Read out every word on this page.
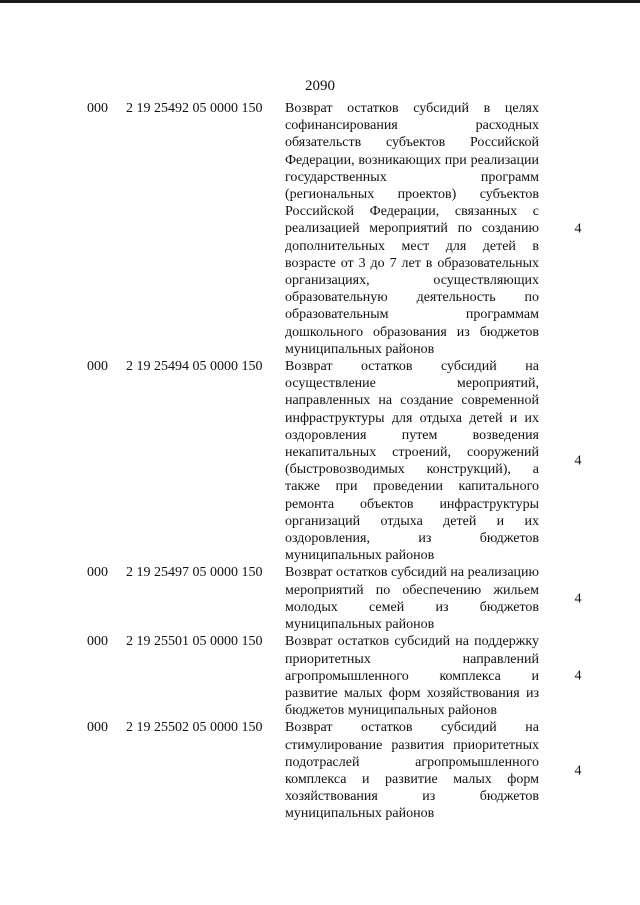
2090
000 2 19 25492 05 0000 150 Возврат остатков субсидий в целях софинансирования расходных обязательств субъектов Российской Федерации, возникающих при реализации государственных программ (региональных проектов) субъектов Российской Федерации, связанных с реализацией мероприятий по созданию дополнительных мест для детей в возрасте от 3 до 7 лет в образовательных организациях, осуществляющих образовательную деятельность по образовательным программам дошкольного образования из бюджетов муниципальных районов
4
000 2 19 25494 05 0000 150 Возврат остатков субсидий на осуществление мероприятий, направленных на создание современной инфраструктуры для отдыха детей и их оздоровления путем возведения некапитальных строений, сооружений (быстровозводимых конструкций), а также при проведении капитального ремонта объектов инфраструктуры организаций отдыха детей и их оздоровления, из бюджетов муниципальных районов
4
000 2 19 25497 05 0000 150 Возврат остатков субсидий на реализацию мероприятий по обеспечению жильем молодых семей из бюджетов муниципальных районов
4
000 2 19 25501 05 0000 150 Возврат остатков субсидий на поддержку приоритетных направлений агропромышленного комплекса и развитие малых форм хозяйствования из бюджетов муниципальных районов
4
000 2 19 25502 05 0000 150 Возврат остатков субсидий на стимулирование развития приоритетных подотраслей агропромышленного комплекса и развитие малых форм хозяйствования из бюджетов муниципальных районов
4
